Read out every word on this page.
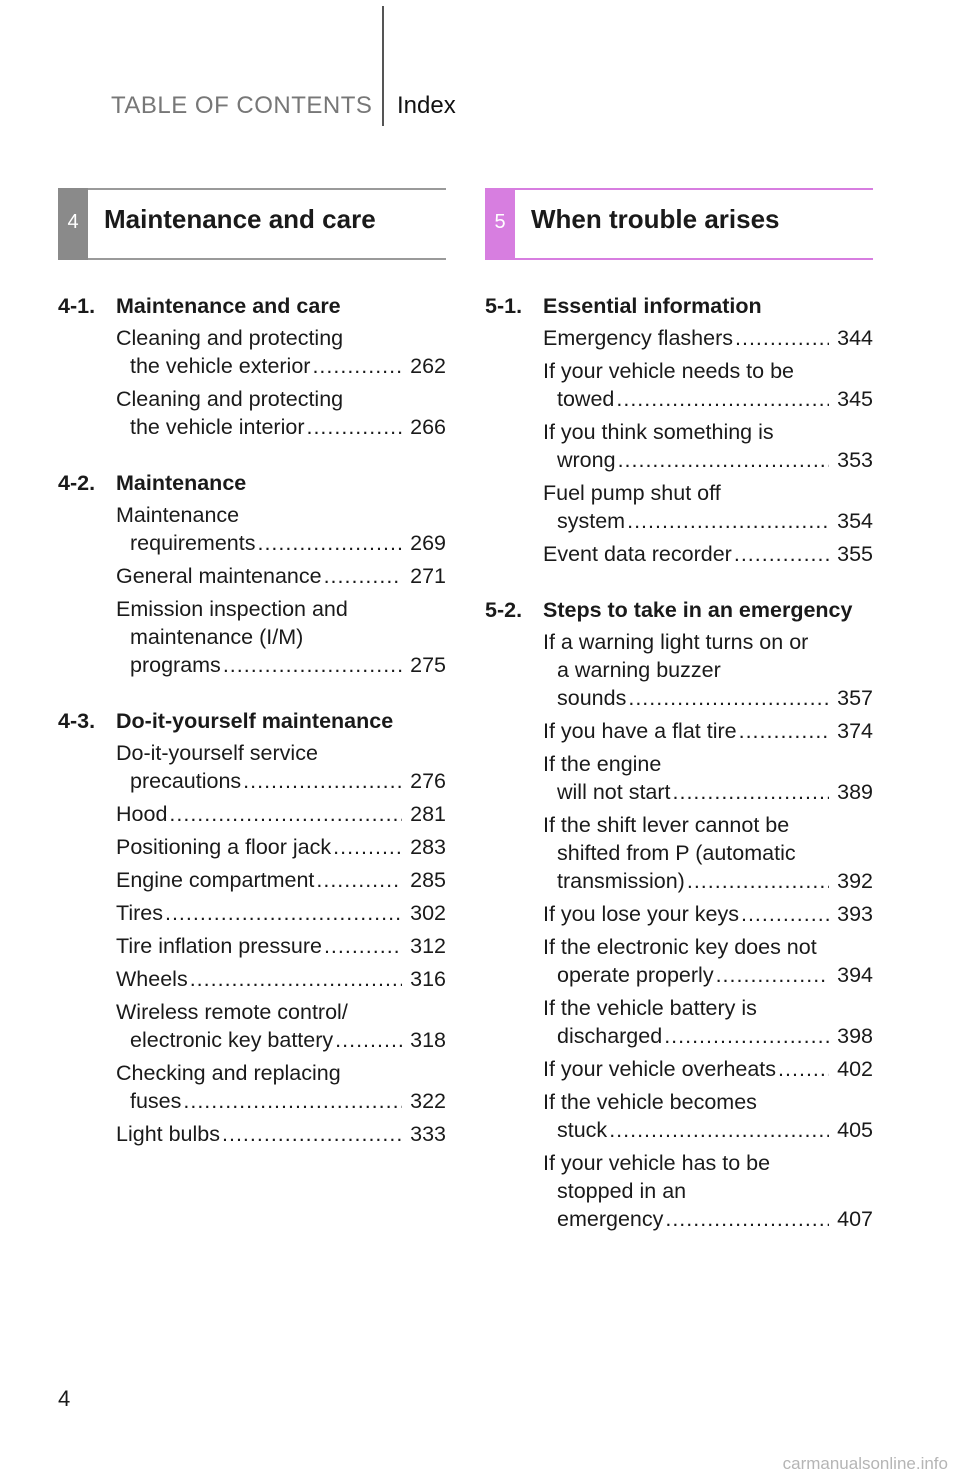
TABLE OF CONTENTS Index
4 Maintenance and care
4-1. Maintenance and care
Cleaning and protecting
the vehicle exterior .....	262
Cleaning and protecting
the vehicle interior .....	266
4-2. Maintenance
Maintenance
requirements .....	269
General maintenance .....	271
Emission inspection and
maintenance (I/M)
programs .....	275
4-3. Do-it-yourself maintenance
Do-it-yourself service
precautions .....	276
Hood .....	281
Positioning a floor jack .....	283
Engine compartment .....	285
Tires .....	302
Tire inflation pressure .....	312
Wheels .....	316
Wireless remote control/
electronic key battery .....	318
Checking and replacing
fuses .....	322
Light bulbs .....	333
5 When trouble arises
5-1. Essential information
Emergency flashers .....	344
If your vehicle needs to be
towed .....	345
If you think something is
wrong .....	353
Fuel pump shut off
system .....	354
Event data recorder .....	355
5-2. Steps to take in an emergency
If a warning light turns on or
a warning buzzer
sounds .....	357
If you have a flat tire .....	374
If the engine
will not start .....	389
If the shift lever cannot be
shifted from P (automatic
transmission) .....	392
If you lose your keys .....	393
If the electronic key does not
operate properly .....	394
If the vehicle battery is
discharged .....	398
If your vehicle overheats .....	402
If the vehicle becomes
stuck .....	405
If your vehicle has to be
stopped in an
emergency .....	407
4
carmanualsonline.info
